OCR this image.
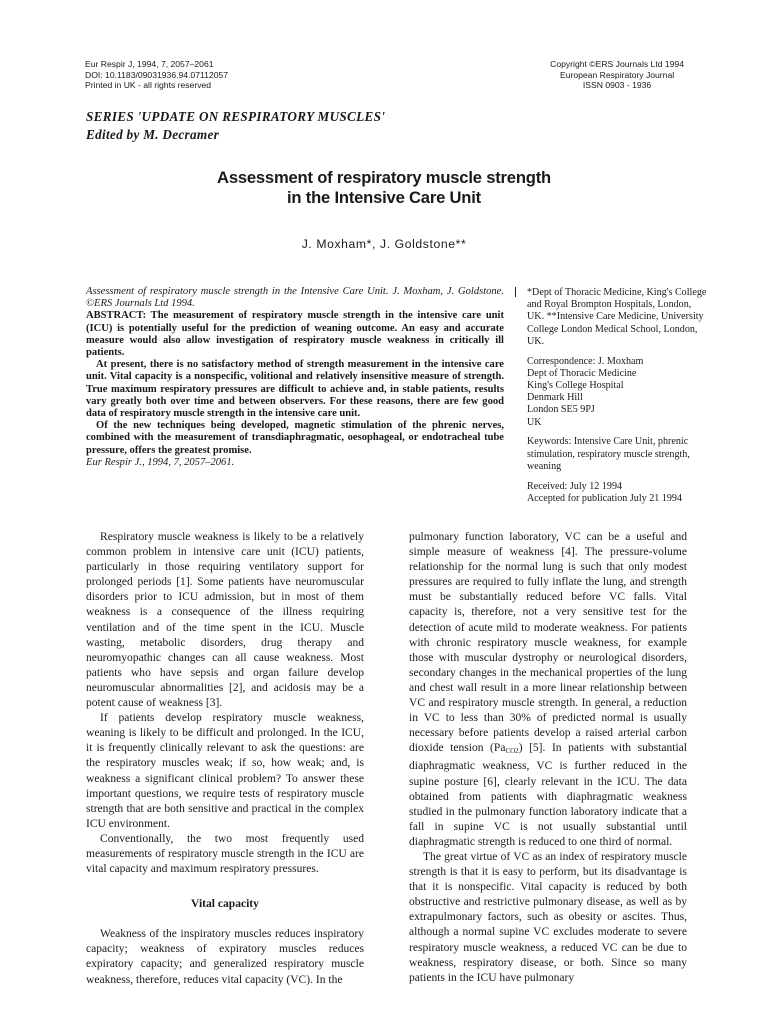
Eur Respir J, 1994, 7, 2057–2061
DOI: 10.1183/09031936.94.07112057
Printed in UK - all rights reserved
Copyright ©ERS Journals Ltd 1994
European Respiratory Journal
ISSN 0903 - 1936
SERIES 'UPDATE ON RESPIRATORY MUSCLES'
Edited by M. Decramer
Assessment of respiratory muscle strength
in the Intensive Care Unit
J. Moxham*, J. Goldstone**

Assessment of respiratory muscle strength in the Intensive Care Unit. J. Moxham, J. Goldstone. ©ERS Journals Ltd 1994.

ABSTRACT: The measurement of respiratory muscle strength in the intensive care unit (ICU) is potentially useful for the prediction of weaning outcome. An easy and accurate measure would also allow investigation of respiratory muscle weakness in critically ill patients.

At present, there is no satisfactory method of strength measurement in the intensive care unit. Vital capacity is a nonspecific, volitional and relatively insensitive measure of strength. True maximum respiratory pressures are difficult to achieve and, in stable patients, results vary greatly both over time and between observers. For these reasons, there are few good data of respiratory muscle strength in the intensive care unit.

Of the new techniques being developed, magnetic stimulation of the phrenic nerves, combined with the measurement of transdiaphragmatic, oesophageal, or endotracheal tube pressure, offers the greatest promise.

Eur Respir J., 1994, 7, 2057–2061.

*Dept of Thoracic Medicine, King's College
and Royal Brompton Hospitals, London,
UK. **Intensive Care Medicine, University
College London Medical School, London,
UK.
Correspondence: J. Moxham
Dept of Thoracic Medicine
King's College Hospital
Denmark Hill
London SE5 9PJ
UK
Keywords: Intensive Care Unit, phrenic
stimulation, respiratory muscle strength,
weaning
Received: July 12 1994
Accepted for publication July 21 1994

Respiratory muscle weakness is likely to be a relatively common problem in intensive care unit (ICU) patients, particularly in those requiring ventilatory support for prolonged periods [1]. Some patients have neuromuscular disorders prior to ICU admission, but in most of them weakness is a consequence of the illness requiring ventilation and of the time spent in the ICU. Muscle wasting, metabolic disorders, drug therapy and neuromyopathic changes can all cause weakness. Most patients who have sepsis and organ failure develop neuromuscular abnormalities [2], and acidosis may be a potent cause of weakness [3].

If patients develop respiratory muscle weakness, weaning is likely to be difficult and prolonged. In the ICU, it is frequently clinically relevant to ask the questions: are the respiratory muscles weak; if so, how weak; and, is weakness a significant clinical problem? To answer these important questions, we require tests of respiratory muscle strength that are both sensitive and practical in the complex ICU environment.

Conventionally, the two most frequently used measurements of respiratory muscle strength in the ICU are vital capacity and maximum respiratory pressures.

Vital capacity

Weakness of the inspiratory muscles reduces inspiratory capacity; weakness of expiratory muscles reduces expiratory capacity; and generalized respiratory muscle weakness, therefore, reduces vital capacity (VC). In the

pulmonary function laboratory, VC can be a useful and simple measure of weakness [4]. The pressure-volume relationship for the normal lung is such that only modest pressures are required to fully inflate the lung, and strength must be substantially reduced before VC falls. Vital capacity is, therefore, not a very sensitive test for the detection of acute mild to moderate weakness. For patients with chronic respiratory muscle weakness, for example those with muscular dystrophy or neurological disorders, secondary changes in the mechanical properties of the lung and chest wall result in a more linear relationship between VC and respiratory muscle strength. In general, a reduction in VC to less than 30% of predicted normal is usually necessary before patients develop a raised arterial carbon dioxide tension $(Pa_{CO2})$ [5]. In patients with substantial diaphragmatic weakness, VC is further reduced in the supine posture [6], clearly relevant in the ICU. The data obtained from patients with diaphragmatic weakness studied in the pulmonary function laboratory indicate that a fall in supine VC is not usually substantial until diaphragmatic strength is reduced to one third of normal.

The great virtue of VC as an index of respiratory muscle strength is that it is easy to perform, but its disadvantage is that it is nonspecific. Vital capacity is reduced by both obstructive and restrictive pulmonary disease, as well as by extrapulmonary factors, such as obesity or ascites. Thus, although a normal supine VC excludes moderate to severe respiratory muscle weakness, a reduced VC can be due to weakness, respiratory disease, or both. Since so many patients in the ICU have pulmonary
